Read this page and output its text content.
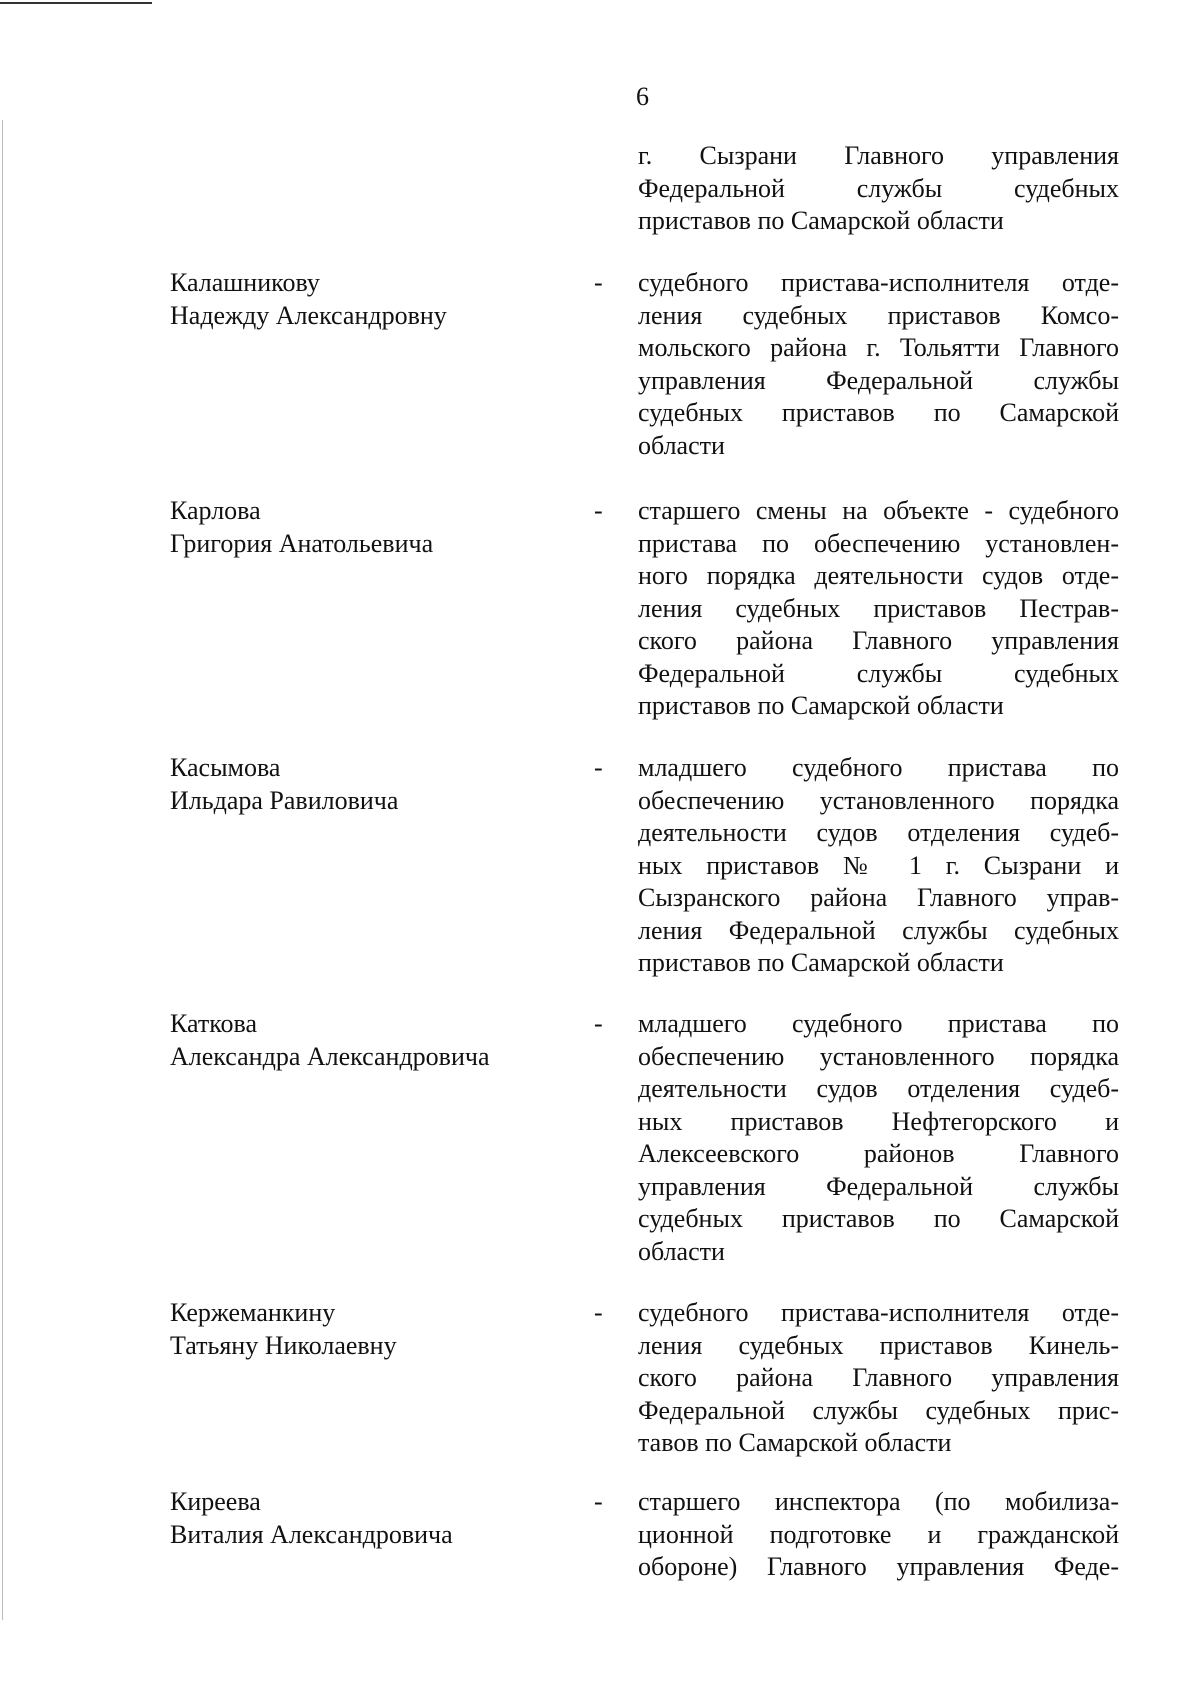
6
г. Сызрани Главного управления
Федеральной службы судебных
приставов по Самарской области
Калашникову
Надежду Александровну
- судебного пристава-исполнителя отде-
ления судебных приставов Комсо-
мольского района г. Тольятти Главного
управления Федеральной службы
судебных приставов по Самарской
области
Карлова
Григория Анатольевича
- старшего смены на объекте - судебного
пристава по обеспечению установлен-
ного порядка деятельности судов отде-
ления судебных приставов Пестрав-
ского района Главного управления
Федеральной службы судебных
приставов по Самарской области
Касымова
Ильдара Равиловича
- младшего судебного пристава по
обеспечению установленного порядка
деятельности судов отделения судеб-
ных приставов № 1 г. Сызрани и
Сызранского района Главного управ-
ления Федеральной службы судебных
приставов по Самарской области
Каткова
Александра Александровича
- младшего судебного пристава по
обеспечению установленного порядка
деятельности судов отделения судеб-
ных приставов Нефтегорского и
Алексеевского районов Главного
управления Федеральной службы
судебных приставов по Самарской
области
Кержеманкину
Татьяну Николаевну
- судебного пристава-исполнителя отде-
ления судебных приставов Кинель-
ского района Главного управления
Федеральной службы судебных прис-
тавов по Самарской области
Киреева
Виталия Александровича
- старшего инспектора (по мобилиза-
ционной подготовке и гражданской
обороне) Главного управления Феде-
